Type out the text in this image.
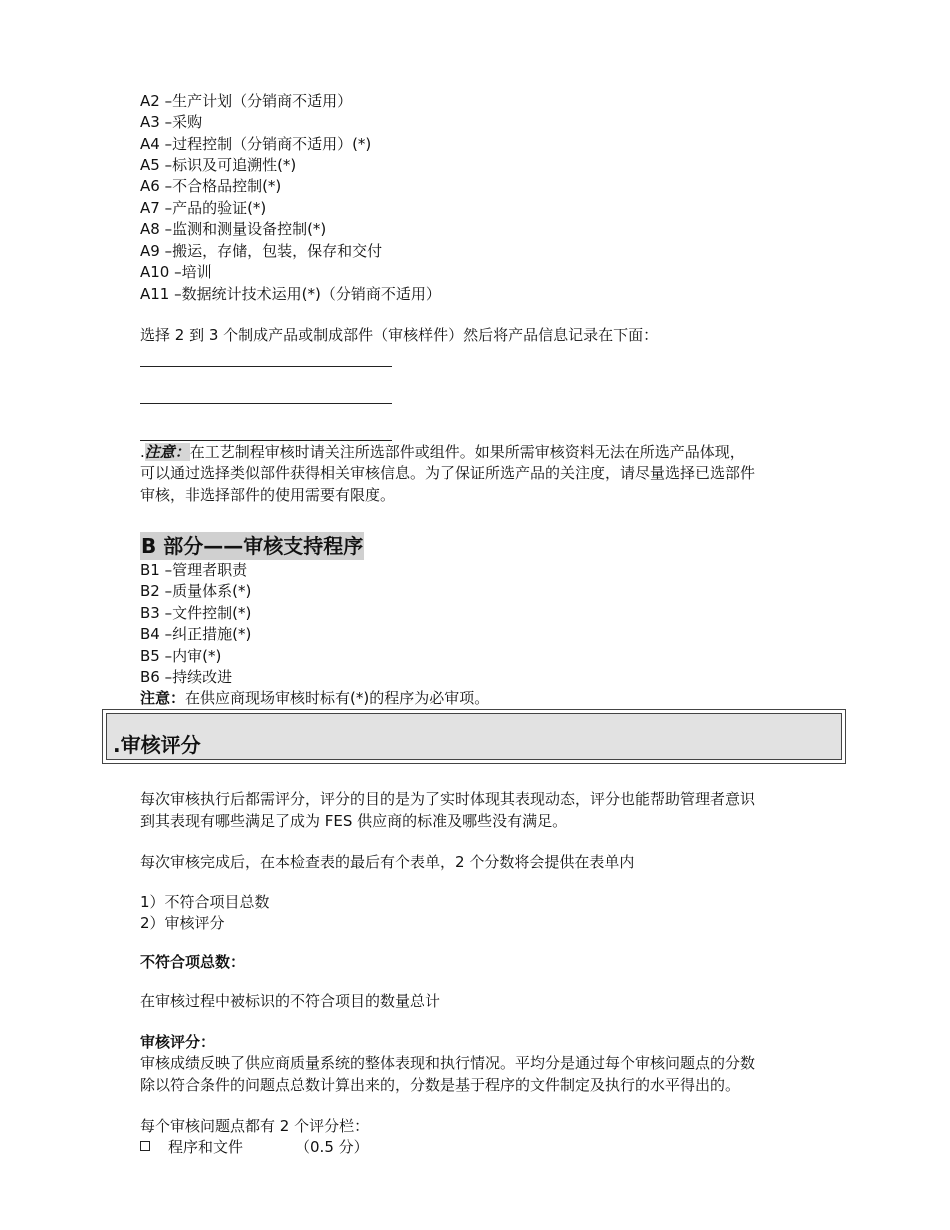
A2 –生产计划（分销商不适用）
A3 –采购
A4 –过程控制（分销商不适用）(*)
A5 –标识及可追溯性(*)
A6 –不合格品控制(*)
A7 –产品的验证(*)
A8 –监测和测量设备控制(*)
A9 –搬运，存储，包装，保存和交付
A10 –培训
A11 –数据统计技术运用(*)（分销商不适用）
选择 2 到 3 个制成产品或制成部件（审核样件）然后将产品信息记录在下面：
.注意：在工艺制程审核时请关注所选部件或组件。如果所需审核资料无法在所选产品体现，
可以通过选择类似部件获得相关审核信息。为了保证所选产品的关注度，请尽量选择已选部件
审核，非选择部件的使用需要有限度。
B 部分——审核支持程序
B1 –管理者职责
B2 –质量体系(*)
B3 –文件控制(*)
B4 –纠正措施(*)
B5 –内审(*)
B6 –持续改进
注意：在供应商现场审核时标有(*)的程序为必审项。
.审核评分
每次审核执行后都需评分，评分的目的是为了实时体现其表现动态，评分也能帮助管理者意识
到其表现有哪些满足了成为 FES 供应商的标准及哪些没有满足。
每次审核完成后，在本检查表的最后有个表单，2 个分数将会提供在表单内
1）不符合项目总数
2）审核评分
不符合项总数：
在审核过程中被标识的不符合项目的数量总计
审核评分：
审核成绩反映了供应商质量系统的整体表现和执行情况。平均分是通过每个审核问题点的分数
除以符合条件的问题点总数计算出来的，分数是基于程序的文件制定及执行的水平得出的。
每个审核问题点都有 2 个评分栏：
程序和文件	（0.5 分）
